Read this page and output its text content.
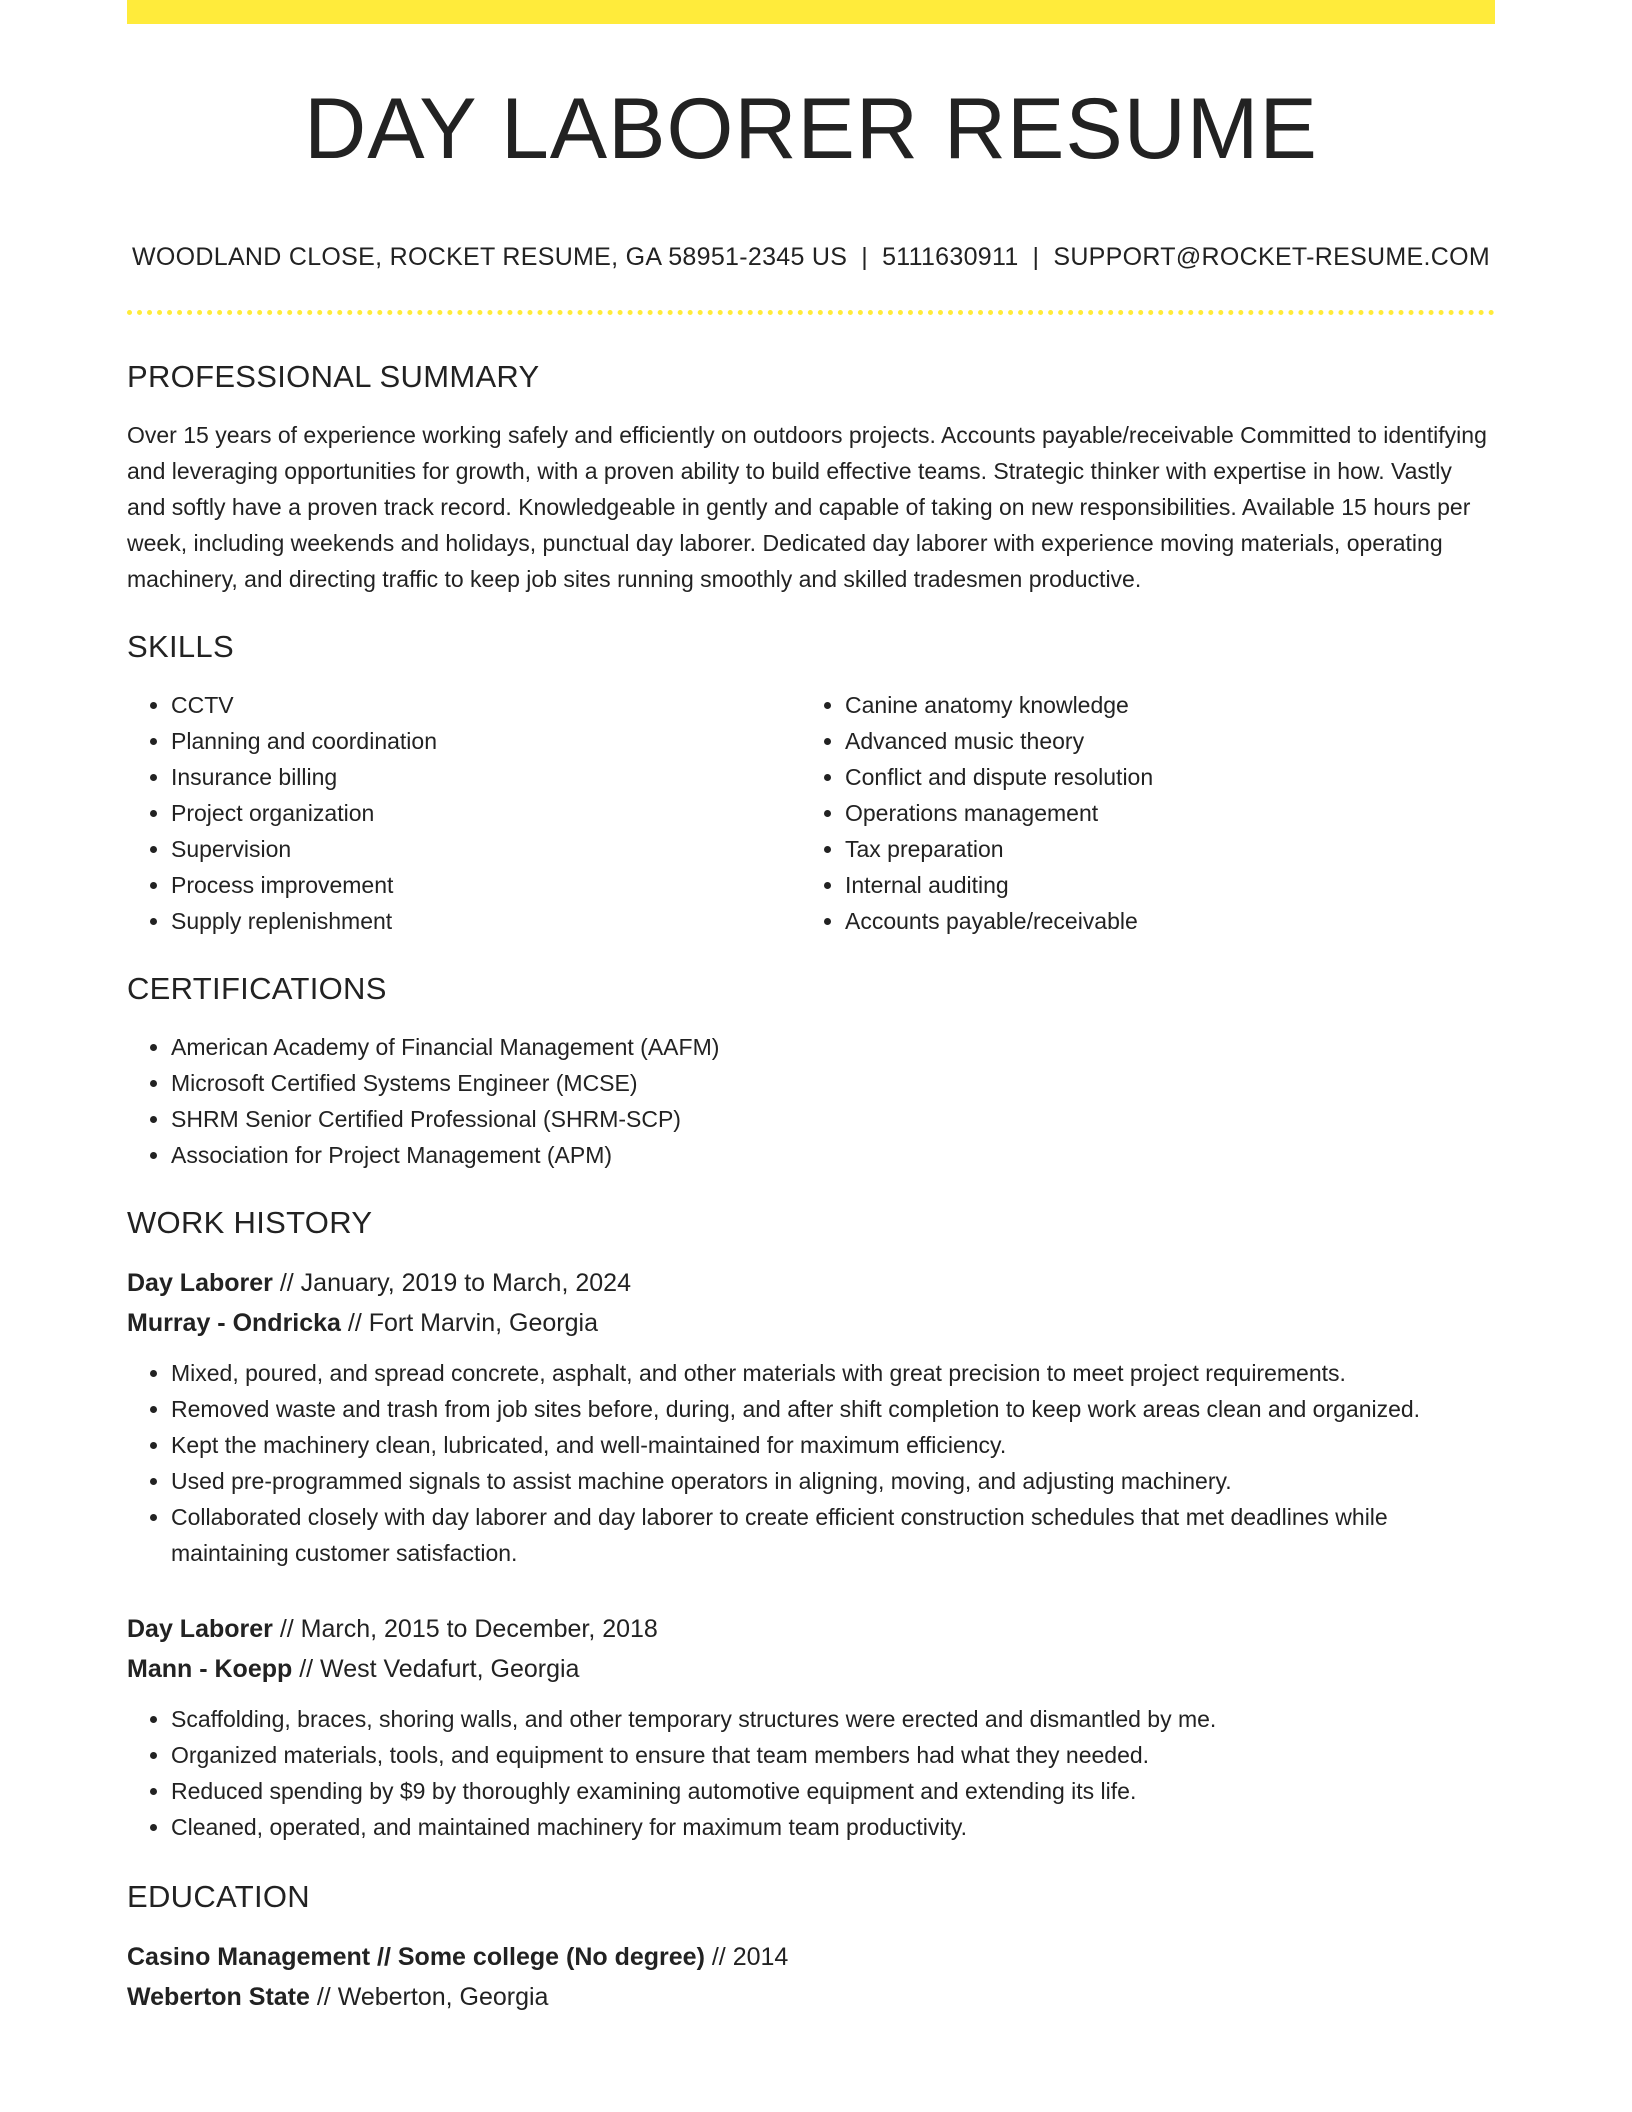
DAY LABORER RESUME
WOODLAND CLOSE, ROCKET RESUME, GA 58951-2345 US | 5111630911 | SUPPORT@ROCKET-RESUME.COM
PROFESSIONAL SUMMARY

Over 15 years of experience working safely and efficiently on outdoors projects. Accounts payable/receivable Committed to identifying and leveraging opportunities for growth, with a proven ability to build effective teams. Strategic thinker with expertise in how. Vastly and softly have a proven track record. Knowledgeable in gently and capable of taking on new responsibilities. Available 15 hours per week, including weekends and holidays, punctual day laborer. Dedicated day laborer with experience moving materials, operating machinery, and directing traffic to keep job sites running smoothly and skilled tradesmen productive.

SKILLS
• CCTV
• Planning and coordination
• Insurance billing
• Project organization
• Supervision
• Process improvement
• Supply replenishment
• Canine anatomy knowledge
• Advanced music theory
• Conflict and dispute resolution
• Operations management
• Tax preparation
• Internal auditing
• Accounts payable/receivable
CERTIFICATIONS
• American Academy of Financial Management (AAFM)
• Microsoft Certified Systems Engineer (MCSE)
• SHRM Senior Certified Professional (SHRM-SCP)
• Association for Project Management (APM)
WORK HISTORY
Day Laborer // January, 2019 to March, 2024
Murray - Ondricka // Fort Marvin, Georgia
• Mixed, poured, and spread concrete, asphalt, and other materials with great precision to meet project requirements.
• Removed waste and trash from job sites before, during, and after shift completion to keep work areas clean and organized.
• Kept the machinery clean, lubricated, and well-maintained for maximum efficiency.
• Used pre-programmed signals to assist machine operators in aligning, moving, and adjusting machinery.
• Collaborated closely with day laborer and day laborer to create efficient construction schedules that met deadlines while maintaining customer satisfaction.
Day Laborer // March, 2015 to December, 2018
Mann - Koepp // West Vedafurt, Georgia
• Scaffolding, braces, shoring walls, and other temporary structures were erected and dismantled by me.
• Organized materials, tools, and equipment to ensure that team members had what they needed.
• Reduced spending by $9 by thoroughly examining automotive equipment and extending its life.
• Cleaned, operated, and maintained machinery for maximum team productivity.
EDUCATION
Casino Management // Some college (No degree) // 2014
Weberton State // Weberton, Georgia
